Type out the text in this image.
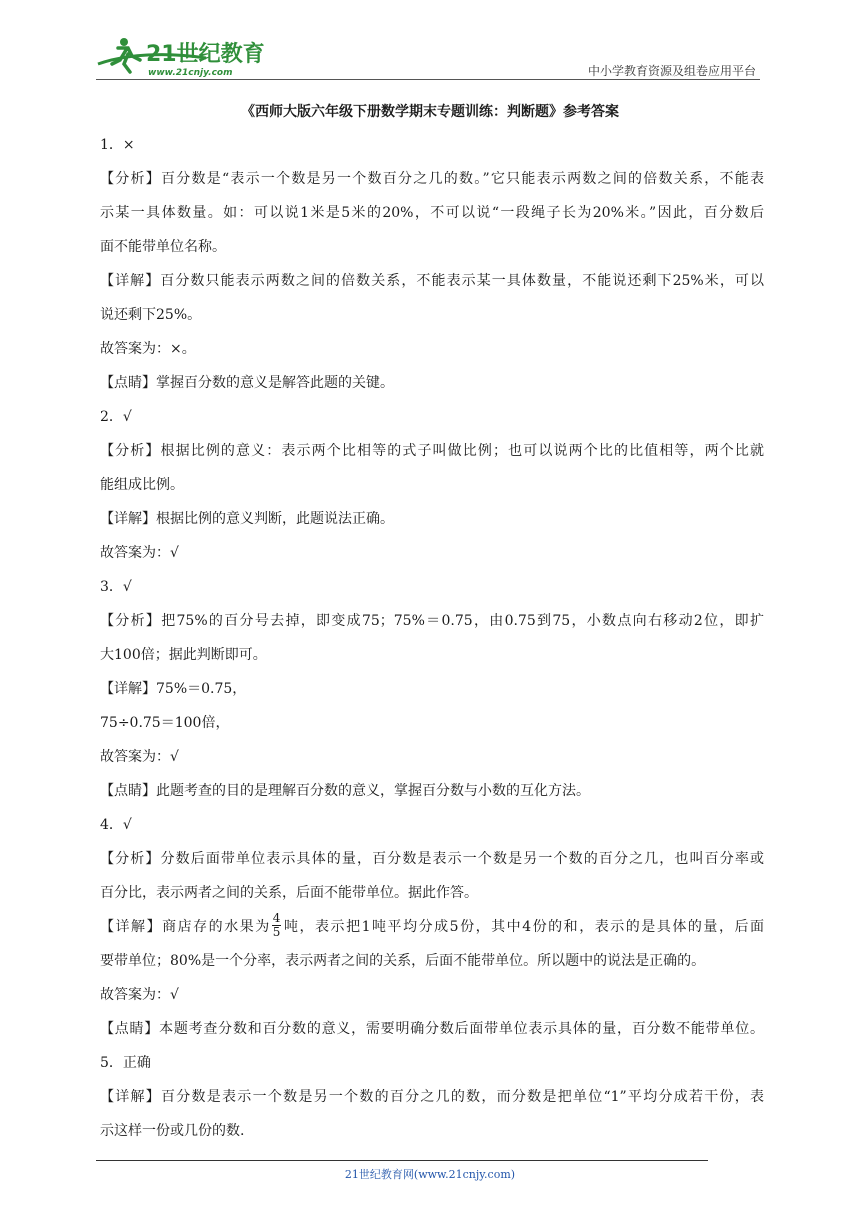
21世纪教育
www.21cnjy.com	中小学教育资源及组卷应用平台
《西师大版六年级下册数学期末专题训练：判断题》参考答案
1．×
【分析】百分数是“表示一个数是另一个数百分之几的数。”它只能表示两数之间的倍数关系，不能表
示某一具体数量。如：可以说1米是5米的20%，不可以说“一段绳子长为20%米。”因此，百分数后
面不能带单位名称。
【详解】百分数只能表示两数之间的倍数关系，不能表示某一具体数量，不能说还剩下25%米，可以
说还剩下25%。
故答案为：×。
【点睛】掌握百分数的意义是解答此题的关键。
2．√
【分析】根据比例的意义：表示两个比相等的式子叫做比例；也可以说两个比的比值相等，两个比就
能组成比例。
【详解】根据比例的意义判断，此题说法正确。
故答案为：√
3．√
【分析】把75%的百分号去掉，即变成75；75%＝0.75，由0.75到75，小数点向右移动2位，即扩
大100倍；据此判断即可。
【详解】75%＝0.75，
75÷0.75＝100倍，
故答案为：√
【点睛】此题考查的目的是理解百分数的意义，掌握百分数与小数的互化方法。
4．√
【分析】分数后面带单位表示具体的量，百分数是表示一个数是另一个数的百分之几，也叫百分率或
百分比，表示两者之间的关系，后面不能带单位。据此作答。
【详解】商店存的水果为 $\frac{4}{5}$ 吨，表示把1吨平均分成5份，其中4份的和，表示的是具体的量，后面
要带单位；80%是一个分率，表示两者之间的关系，后面不能带单位。所以题中的说法是正确的。
故答案为：√
【点睛】本题考查分数和百分数的意义，需要明确分数后面带单位表示具体的量，百分数不能带单位。
5．正确
【详解】百分数是表示一个数是另一个数的百分之几的数，而分数是把单位“1”平均分成若干份，表
示这样一份或几份的数.
21世纪教育网(www.21cnjy.com)
